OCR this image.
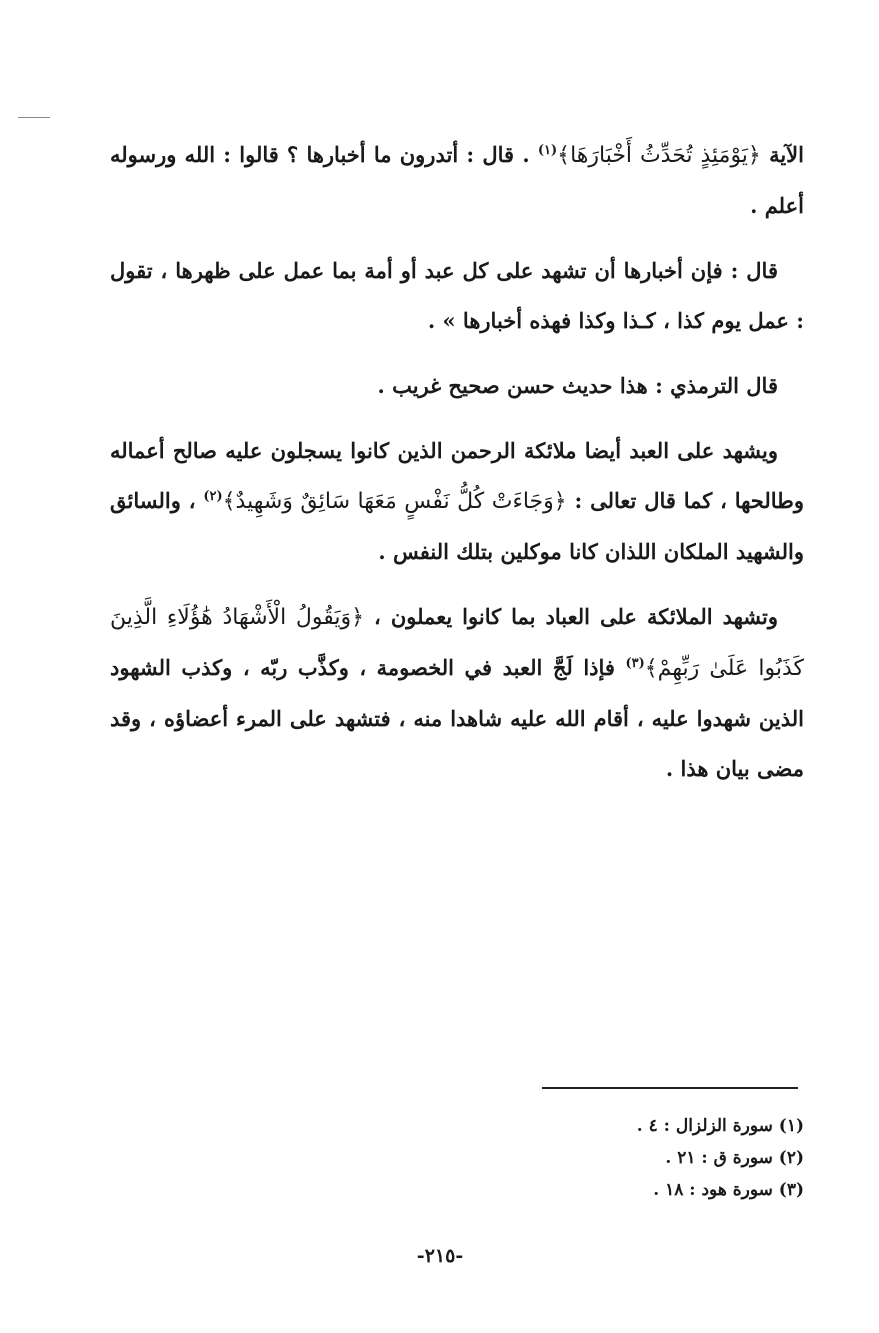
الآية ﴿يَوْمَئِذٍ تُحَدِّثُ أَخْبَارَهَا﴾$^{(١)}$ . قال : أتدرون ما أخبارها ؟ قالوا : الله ورسوله أعلم .

قال : فإن أخبارها أن تشهد على كل عبد أو أمة بما عمل على ظهرها ، تقول : عمل يوم كذا ، كـذا وكذا فهذه أخبارها » .

قال الترمذي : هذا حديث حسن صحيح غريب .

ويشهد على العبد أيضا ملائكة الرحمن الذين كانوا يسجلون عليه صالح أعماله وطالحها ، كما قال تعالى : ﴿وَجَاءَتْ كُلُّ نَفْسٍ مَعَهَا سَائِقٌ وَشَهِيدٌ﴾$^{(٢)}$ ، والسائق والشهيد الملكان اللذان كانا موكلين بتلك النفس .

وتشهد الملائكة على العباد بما كانوا يعملون ، ﴿وَيَقُولُ الْأَشْهَادُ هَٰؤُلَاءِ الَّذِينَ كَذَبُوا عَلَىٰ رَبِّهِمْ﴾$^{(٣)}$ فإذا لَجَّ العبد في الخصومة ، وكذَّب ربّه ، وكذب الشهود الذين شهدوا عليه ، أقام الله عليه شاهدا منه ، فتشهد على المرء أعضاؤه ، وقد مضى بيان هذا .

(١) سورة الزلزال : ٤ .
(٢) سورة ق : ٢١ .
(٣) سورة هود : ١٨ .
-٢١٥-
